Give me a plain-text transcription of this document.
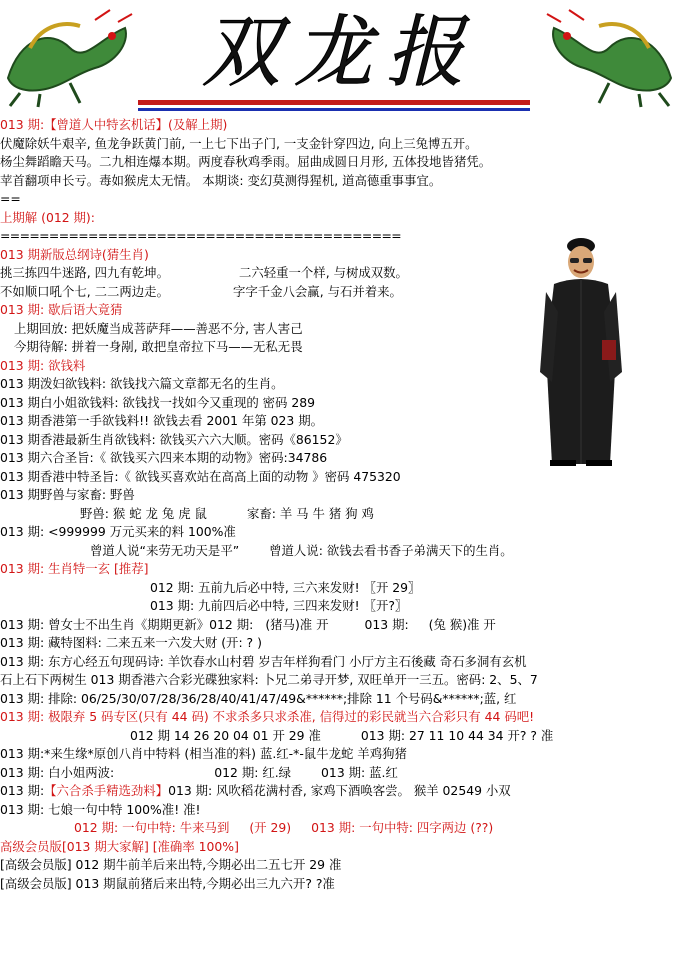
双龙报
013 期:【曾道人中特玄机话】(及解上期)
伏魔除妖牛艰辛, 鱼龙争跃黄门前, 一上七下出子门, 一支金针穿四边, 向上三兔博五开。
杨尘舞蹈瞻天马。二九相连爆本期。两度春秋鸡季雨。屈曲成圆日月形, 五体投地皆猪凭。
苹首翻项申长亏。毒如猴虎太无情。 本期谈: 变幻莫测得猩机, 道高德重事事宜。
==
上期解 (012 期):
=========================================
013 期新版总纲诗(猜生肖)
挑三拣四牛迷路, 四九有乾坤。	二六轻重一个样, 与树成双数。
不如顺口吼个七, 二二两边走。	字字千金八会赢, 与石并着来。
013 期: 歇后语大竟猜
上期回放: 把妖魔当成菩萨拜——善恶不分, 害人害己
今期待解: 拼着一身剐, 敢把皇帝拉下马——无私无畏
013 期: 欲钱料
013 期泼妇欲钱料: 欲钱找六篇文章都无名的生肖。
013 期白小姐欲钱料: 欲钱找一找如今又重现的 密码 289
013 期香港第一手欲钱料!! 欲钱去看 2001 年第 023 期。
013 期香港最新生肖欲钱料: 欲钱买六六大顺。密码《86152》
013 期六合圣旨:《 欲钱买六四来本期的动物》密码:34786
013 期香港中特圣旨:《 欲钱买喜欢站在高高上面的动物 》密码 475320
013 期野兽与家畜: 野兽
野兽: 猴 蛇 龙 兔 虎 鼠	家畜: 羊 马 牛 猪 狗 鸡
013 期: <999999 万元买来的料 100%准
曾道人说“来劳无功天是平” 曾道人说: 欲钱去看书香子弟满天下的生肖。
013 期: 生肖特一玄 [推荐]
012 期: 五前九后必中特, 三六来发财! 〖开 29〗
013 期: 九前四后必中特, 三四来发财! 〖开?〗
013 期: 曾女士不出生肖《期期更新》012 期: (猪马)准 开	013 期: (兔 猴)准 开
013 期: 藏特图料: 二来五来一六发大财 (开: ? )
013 期: 东方心经五句现码诗: 羊饮春水山村碧 岁吉年样狗看门 小厅方主石後藏 奇石多洞有玄机
石上石下两树生 013 期香港六合彩光碟独家料: 卜兄二弟寻开梦, 双旺单开一三五。密码: 2、5、7
013 期: 排除: 06/25/30/07/28/36/28/40/41/47/49&******;排除 11 个号码&******;蓝, 红
013 期: 极限弃 5 码专区(只有 44 码) 不求杀多只求杀准, 信得过的彩民就当六合彩只有 44 码吧!
012 期 14 26 20 04 01 开 29 准	013 期: 27 11 10 44 34 开? ? 准
013 期:*来生缘*原创八肖中特料 (相当准的料) 蓝.红-*-鼠牛龙蛇 羊鸡狗猪
013 期: 白小姐两波:	012 期: 红.绿 013 期: 蓝.红
013 期:【六合杀手精选劲料】013 期: 风吹稻花满村香, 家鸡下酒唤客尝。 猴羊 02549 小双
013 期: 七娘一句中特 100%准! 准!
012 期: 一句中特: 牛来马到 (开 29) 013 期: 一句中特: 四字两边 (??)
高级会员版[013 期大家解] [准确率 100%]
[高级会员版] 012 期牛前羊后来出特,今期必出二五七开 29 准
[高级会员版] 013 期鼠前猪后来出特,今期必出三九六开? ?准
